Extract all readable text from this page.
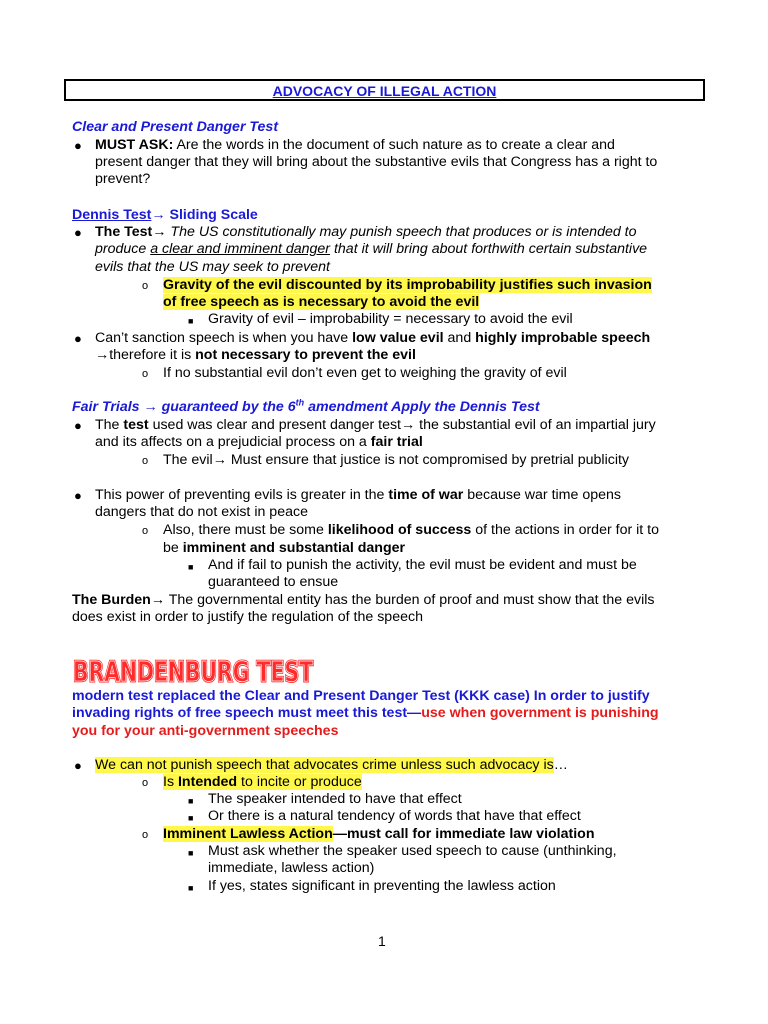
ADVOCACY OF ILLEGAL ACTION
Clear and Present Danger Test
● MUST ASK: Are the words in the document of such nature as to create a clear and
present danger that they will bring about the substantive evils that Congress has a right to
prevent?
Dennis Test→ Sliding Scale
● The Test→ The US constitutionally may punish speech that produces or is intended to
produce a clear and imminent danger that it will bring about forthwith certain substantive
evils that the US may seek to prevent
o Gravity of the evil discounted by its improbability justifies such invasion
of free speech as is necessary to avoid the evil
■ Gravity of evil – improbability = necessary to avoid the evil
● Can’t sanction speech is when you have low value evil and highly improbable speech
→therefore it is not necessary to prevent the evil
o If no substantial evil don’t even get to weighing the gravity of evil
Fair Trials → guaranteed by the 6th amendment Apply the Dennis Test
● The test used was clear and present danger test→ the substantial evil of an impartial jury
and its affects on a prejudicial process on a fair trial
o The evil→ Must ensure that justice is not compromised by pretrial publicity
● This power of preventing evils is greater in the time of war because war time opens
dangers that do not exist in peace
o Also, there must be some likelihood of success of the actions in order for it to
be imminent and substantial danger
■ And if fail to punish the activity, the evil must be evident and must be
guaranteed to ensue
The Burden→ The governmental entity has the burden of proof and must show that the evils
does exist in order to justify the regulation of the speech
BRANDENBURG TEST
BRANDENBURG TEST
modern test replaced the Clear and Present Danger Test (KKK case) In order to justify
invading rights of free speech must meet this test—use when government is punishing
you for your anti-government speeches
● We can not punish speech that advocates crime unless such advocacy is…
o Is Intended to incite or produce
■ The speaker intended to have that effect
■ Or there is a natural tendency of words that have that effect
o Imminent Lawless Action—must call for immediate law violation
■ Must ask whether the speaker used speech to cause (unthinking,
immediate, lawless action)
■ If yes, states significant in preventing the lawless action
1
